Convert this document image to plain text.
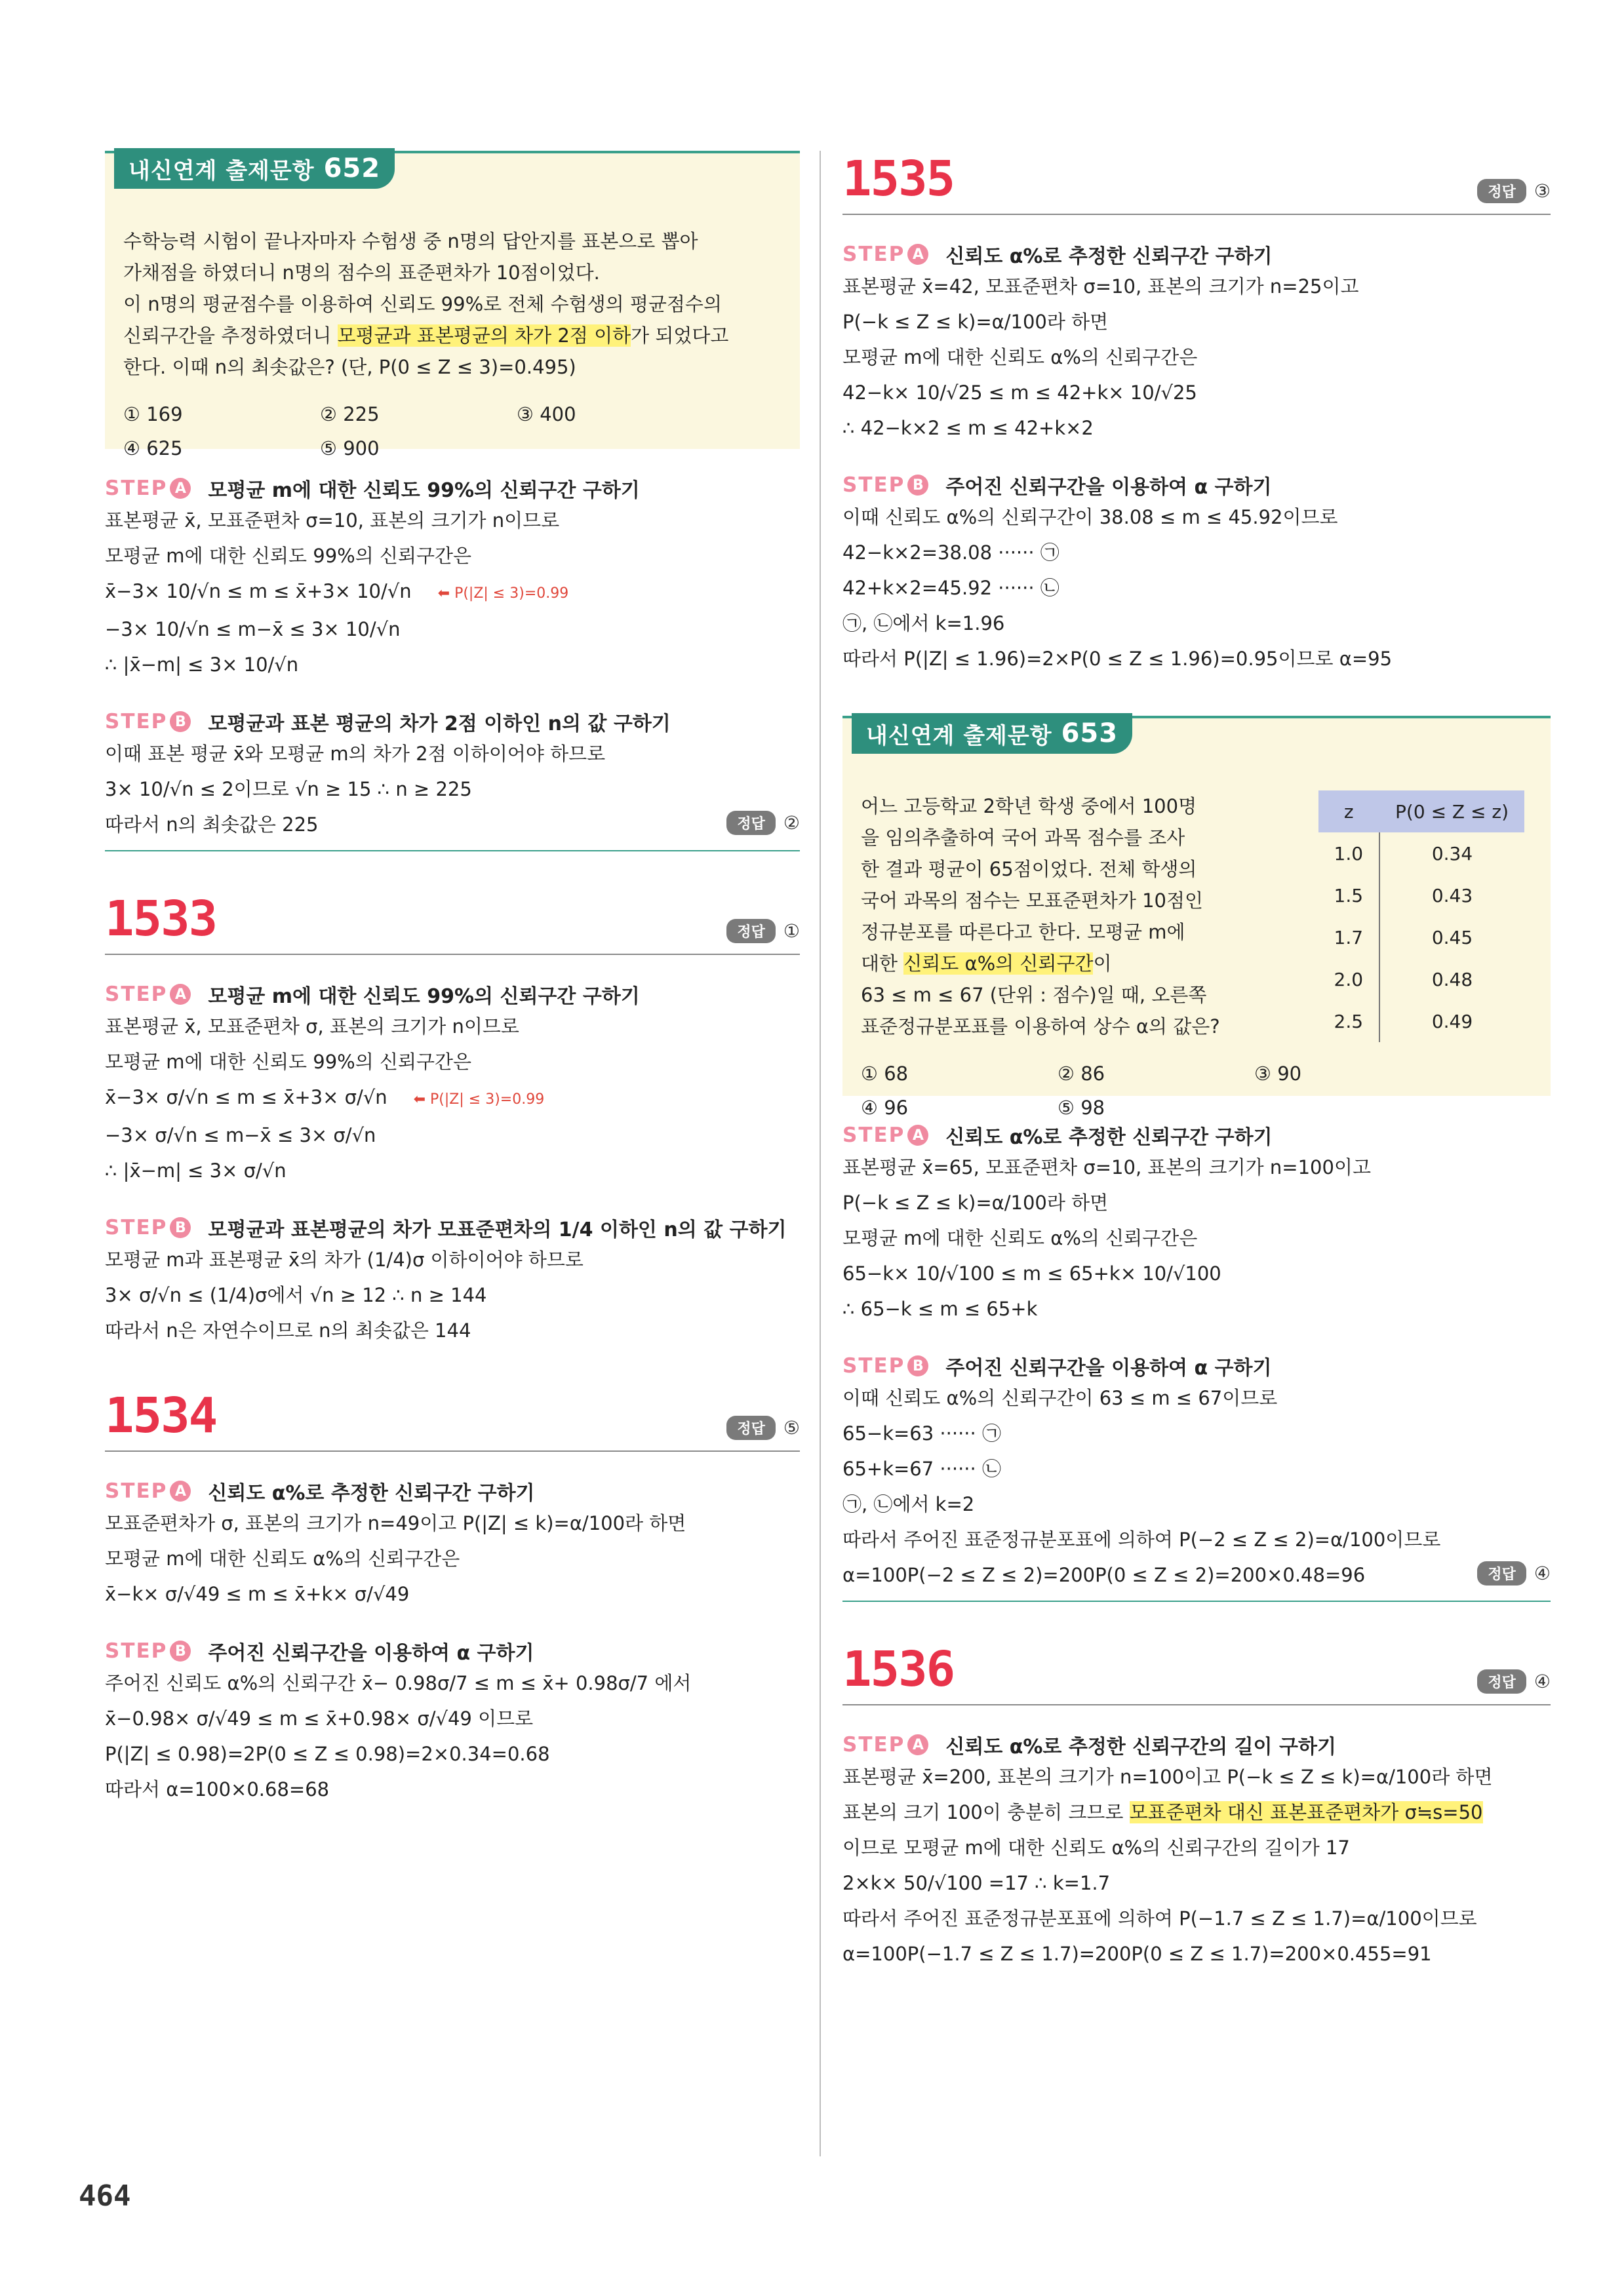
내신연계 출제문항 652

수학능력 시험이 끝나자마자 수험생 중 n명의 답안지를 표본으로 뽑아

가채점을 하였더니 n명의 점수의 표준편차가 10점이었다.

이 n명의 평균점수를 이용하여 신뢰도 99%로 전체 수험생의 평균점수의

신뢰구간을 추정하였더니 모평균과 표본평균의 차가 2점 이하가 되었다고

한다. 이때 n의 최솟값은? (단, P(0 ≤ Z ≤ 3)=0.495)

① 169	② 225	③ 400
④ 625	⑤ 900
STEP A 모평균 m에 대한 신뢰도 99%의 신뢰구간 구하기

표본평균 x̄, 모표준편차 σ=10, 표본의 크기가 n이므로

모평균 m에 대한 신뢰도 99%의 신뢰구간은

x̄−3× 10/√n ≤ m ≤ x̄+3× 10/√n ⬅ P(|Z| ≤ 3)=0.99

−3× 10/√n ≤ m−x̄ ≤ 3× 10/√n

∴ |x̄−m| ≤ 3× 10/√n

STEP B 모평균과 표본 평균의 차가 2점 이하인 n의 값 구하기

이때 표본 평균 x̄와 모평균 m의 차가 2점 이하이어야 하므로

3× 10/√n ≤ 2이므로 √n ≥ 15 ∴ n ≥ 225

따라서 n의 최솟값은 225	정답	②
1533	정답	①
STEP A 모평균 m에 대한 신뢰도 99%의 신뢰구간 구하기

표본평균 x̄, 모표준편차 σ, 표본의 크기가 n이므로

모평균 m에 대한 신뢰도 99%의 신뢰구간은

x̄−3× σ/√n ≤ m ≤ x̄+3× σ/√n ⬅ P(|Z| ≤ 3)=0.99

−3× σ/√n ≤ m−x̄ ≤ 3× σ/√n

∴ |x̄−m| ≤ 3× σ/√n

STEP B 모평균과 표본평균의 차가 모표준편차의 1/4 이하인 n의 값 구하기

모평균 m과 표본평균 x̄의 차가 (1/4)σ 이하이어야 하므로

3× σ/√n ≤ (1/4)σ에서 √n ≥ 12 ∴ n ≥ 144

따라서 n은 자연수이므로 n의 최솟값은 144

1534	정답	⑤
STEP A 신뢰도 α%로 추정한 신뢰구간 구하기

모표준편차가 σ, 표본의 크기가 n=49이고 P(|Z| ≤ k)=α/100라 하면

모평균 m에 대한 신뢰도 α%의 신뢰구간은

x̄−k× σ/√49 ≤ m ≤ x̄+k× σ/√49

STEP B 주어진 신뢰구간을 이용하여 α 구하기

주어진 신뢰도 α%의 신뢰구간 x̄− 0.98σ/7 ≤ m ≤ x̄+ 0.98σ/7 에서

x̄−0.98× σ/√49 ≤ m ≤ x̄+0.98× σ/√49 이므로

P(|Z| ≤ 0.98)=2P(0 ≤ Z ≤ 0.98)=2×0.34=0.68

따라서 α=100×0.68=68

1535	정답	③
STEP A 신뢰도 α%로 추정한 신뢰구간 구하기

표본평균 x̄=42, 모표준편차 σ=10, 표본의 크기가 n=25이고

P(−k ≤ Z ≤ k)=α/100라 하면

모평균 m에 대한 신뢰도 α%의 신뢰구간은

42−k× 10/√25 ≤ m ≤ 42+k× 10/√25

∴ 42−k×2 ≤ m ≤ 42+k×2

STEP B 주어진 신뢰구간을 이용하여 α 구하기

이때 신뢰도 α%의 신뢰구간이 38.08 ≤ m ≤ 45.92이므로

42−k×2=38.08 ······ ㉠

42+k×2=45.92 ······ ㉡

㉠, ㉡에서 k=1.96

따라서 P(|Z| ≤ 1.96)=2×P(0 ≤ Z ≤ 1.96)=0.95이므로 α=95

내신연계 출제문항 653

어느 고등학교 2학년 학생 중에서 100명

을 임의추출하여 국어 과목 점수를 조사

한 결과 평균이 65점이었다. 전체 학생의

국어 과목의 점수는 모표준편차가 10점인

정규분포를 따른다고 한다. 모평균 m에

대한 신뢰도 α%의 신뢰구간이

63 ≤ m ≤ 67 (단위 : 점수)일 때, 오른쪽

표준정규분포표를 이용하여 상수 α의 값은?

z	P(0 ≤ Z ≤ z)
1.0	0.34
1.5	0.43
1.7	0.45
2.0	0.48
2.5	0.49
① 68	② 86	③ 90
④ 96	⑤ 98
STEP A 신뢰도 α%로 추정한 신뢰구간 구하기

표본평균 x̄=65, 모표준편차 σ=10, 표본의 크기가 n=100이고

P(−k ≤ Z ≤ k)=α/100라 하면

모평균 m에 대한 신뢰도 α%의 신뢰구간은

65−k× 10/√100 ≤ m ≤ 65+k× 10/√100

∴ 65−k ≤ m ≤ 65+k

STEP B 주어진 신뢰구간을 이용하여 α 구하기

이때 신뢰도 α%의 신뢰구간이 63 ≤ m ≤ 67이므로

65−k=63 ······ ㉠

65+k=67 ······ ㉡

㉠, ㉡에서 k=2

따라서 주어진 표준정규분포표에 의하여 P(−2 ≤ Z ≤ 2)=α/100이므로

α=100P(−2 ≤ Z ≤ 2)=200P(0 ≤ Z ≤ 2)=200×0.48=96	정답	④
1536	정답	④
STEP A 신뢰도 α%로 추정한 신뢰구간의 길이 구하기

표본평균 x̄=200, 표본의 크기가 n=100이고 P(−k ≤ Z ≤ k)=α/100라 하면

표본의 크기 100이 충분히 크므로 모표준편차 대신 표본표준편차가 σ≒s=50

이므로 모평균 m에 대한 신뢰도 α%의 신뢰구간의 길이가 17

2×k× 50/√100 =17 ∴ k=1.7

따라서 주어진 표준정규분포표에 의하여 P(−1.7 ≤ Z ≤ 1.7)=α/100이므로

α=100P(−1.7 ≤ Z ≤ 1.7)=200P(0 ≤ Z ≤ 1.7)=200×0.455=91

464
